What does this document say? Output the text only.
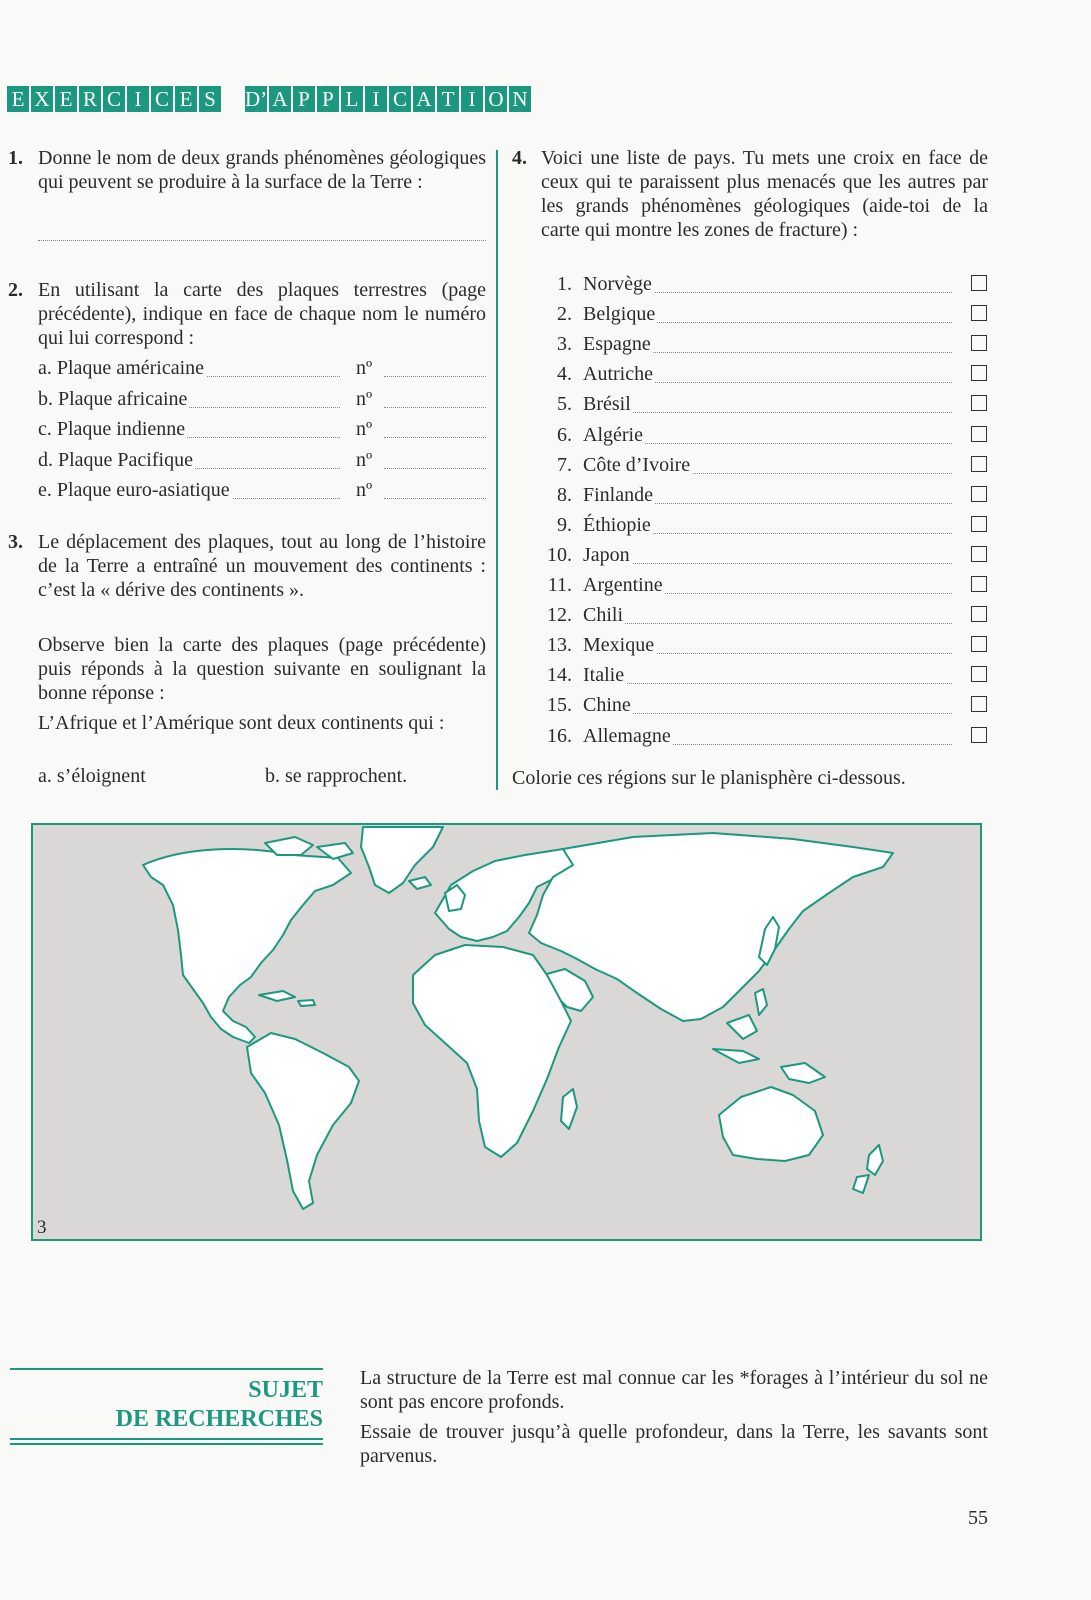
E X E R C I C E S D’ A P P L I C A T I O N
1. Donne le nom de deux grands phénomènes géologiques qui peuvent se produire à la surface de la Terre :
2. En utilisant la carte des plaques terrestres (page précédente), indique en face de chaque nom le numéro qui lui correspond :
a. Plaque américaine	nº
b. Plaque africaine	nº
c. Plaque indienne	nº
d. Plaque Pacifique	nº
e. Plaque euro-asiatique	nº
3. Le déplacement des plaques, tout au long de l’histoire de la Terre a entraîné un mouvement des continents : c’est la « dérive des continents ».
Observe bien la carte des plaques (page précédente) puis réponds à la question suivante en soulignant la bonne réponse :
L’Afrique et l’Amérique sont deux continents qui :
a. s’éloignent	b. se rapprochent.
4. Voici une liste de pays. Tu mets une croix en face de ceux qui te paraissent plus menacés que les autres par les grands phénomènes géologiques (aide-toi de la carte qui montre les zones de fracture) :
1. Norvège
2. Belgique
3. Espagne
4. Autriche
5. Brésil
6. Algérie
7. Côte d’Ivoire
8. Finlande
9. Éthiopie
10. Japon
11. Argentine
12. Chili
13. Mexique
14. Italie
15. Chine
16. Allemagne
Colorie ces régions sur le planisphère ci-dessous.
3
SUJET
DE RECHERCHES
La structure de la Terre est mal connue car les *forages à l’intérieur du sol ne sont pas encore profonds.
Essaie de trouver jusqu’à quelle profondeur, dans la Terre, les savants sont parvenus.
55
